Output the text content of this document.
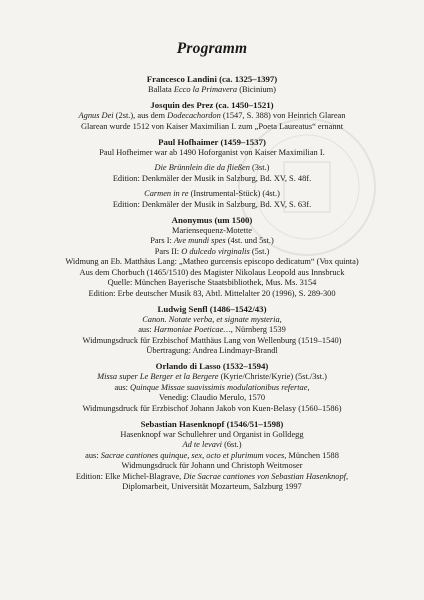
Programm
Francesco Landini (ca. 1325–1397)
Ballata Ecco la Primavera (Bicinium)
Josquin des Prez (ca. 1450–1521)
Agnus Dei (2st.), aus dem Dodecachordon (1547, S. 388) von Heinrich Glarean
Glarean wurde 1512 von Kaiser Maximilian I. zum „Poeta Laureatus“ ernannt
Paul Hofhaimer (1459–1537)
Paul Hofheimer war ab 1490 Hoforganist von Kaiser Maximilian I.
Die Brünnlein die da fließen (3st.)
Edition: Denkmäler der Musik in Salzburg, Bd. XV, S. 48f.
Carmen in re (Instrumental-Stück) (4st.)
Edition: Denkmäler der Musik in Salzburg, Bd. XV, S. 63f.
Anonymus (um 1500)
Mariensequenz-Motette
Pars I: Ave mundi spes (4st. und 5st.)
Pars II: O dulcedo virginalis (5st.)
Widmung an Eb. Matthäus Lang: „Matheo gurcensis episcopo dedicatum“ (Vox quinta)
Aus dem Chorbuch (1465/1510) des Magister Nikolaus Leopold aus Innsbruck
Quelle: München Bayerische Staatsbibliothek, Mus. Ms. 3154
Edition: Erbe deutscher Musik 83, Abtl. Mittelalter 20 (1996), S. 289-300
Ludwig Senfl (1486–1542/43)
Canon. Notate verba, et signate mysteria,
aus: Harmoniae Poeticae…, Nürnberg 1539
Widmungsdruck für Erzbischof Matthäus Lang von Wellenburg (1519–1540)
Übertragung: Andrea Lindmayr-Brandl
Orlando di Lasso (1532–1594)
Missa super Le Berger et la Bergere (Kyrie/Christe/Kyrie) (5st./3st.)
aus: Quinque Missae suavissimis modulationibus refertae,
Venedig: Claudio Merulo, 1570
Widmungsdruck für Erzbischof Johann Jakob von Kuen-Belasy (1560–1586)
Sebastian Hasenknopf (1546/51–1598)
Hasenknopf war Schullehrer und Organist in Golldegg
Ad te levavi (6st.)
aus: Sacrae cantiones quinque, sex, octo et plurimum voces, München 1588
Widmungsdruck für Johann und Christoph Weitmoser
Edition: Elke Michel-Blagrave, Die Sacrae cantiones von Sebastian Hasenknopf,
Diplomarbeit, Universität Mozarteum, Salzburg 1997
